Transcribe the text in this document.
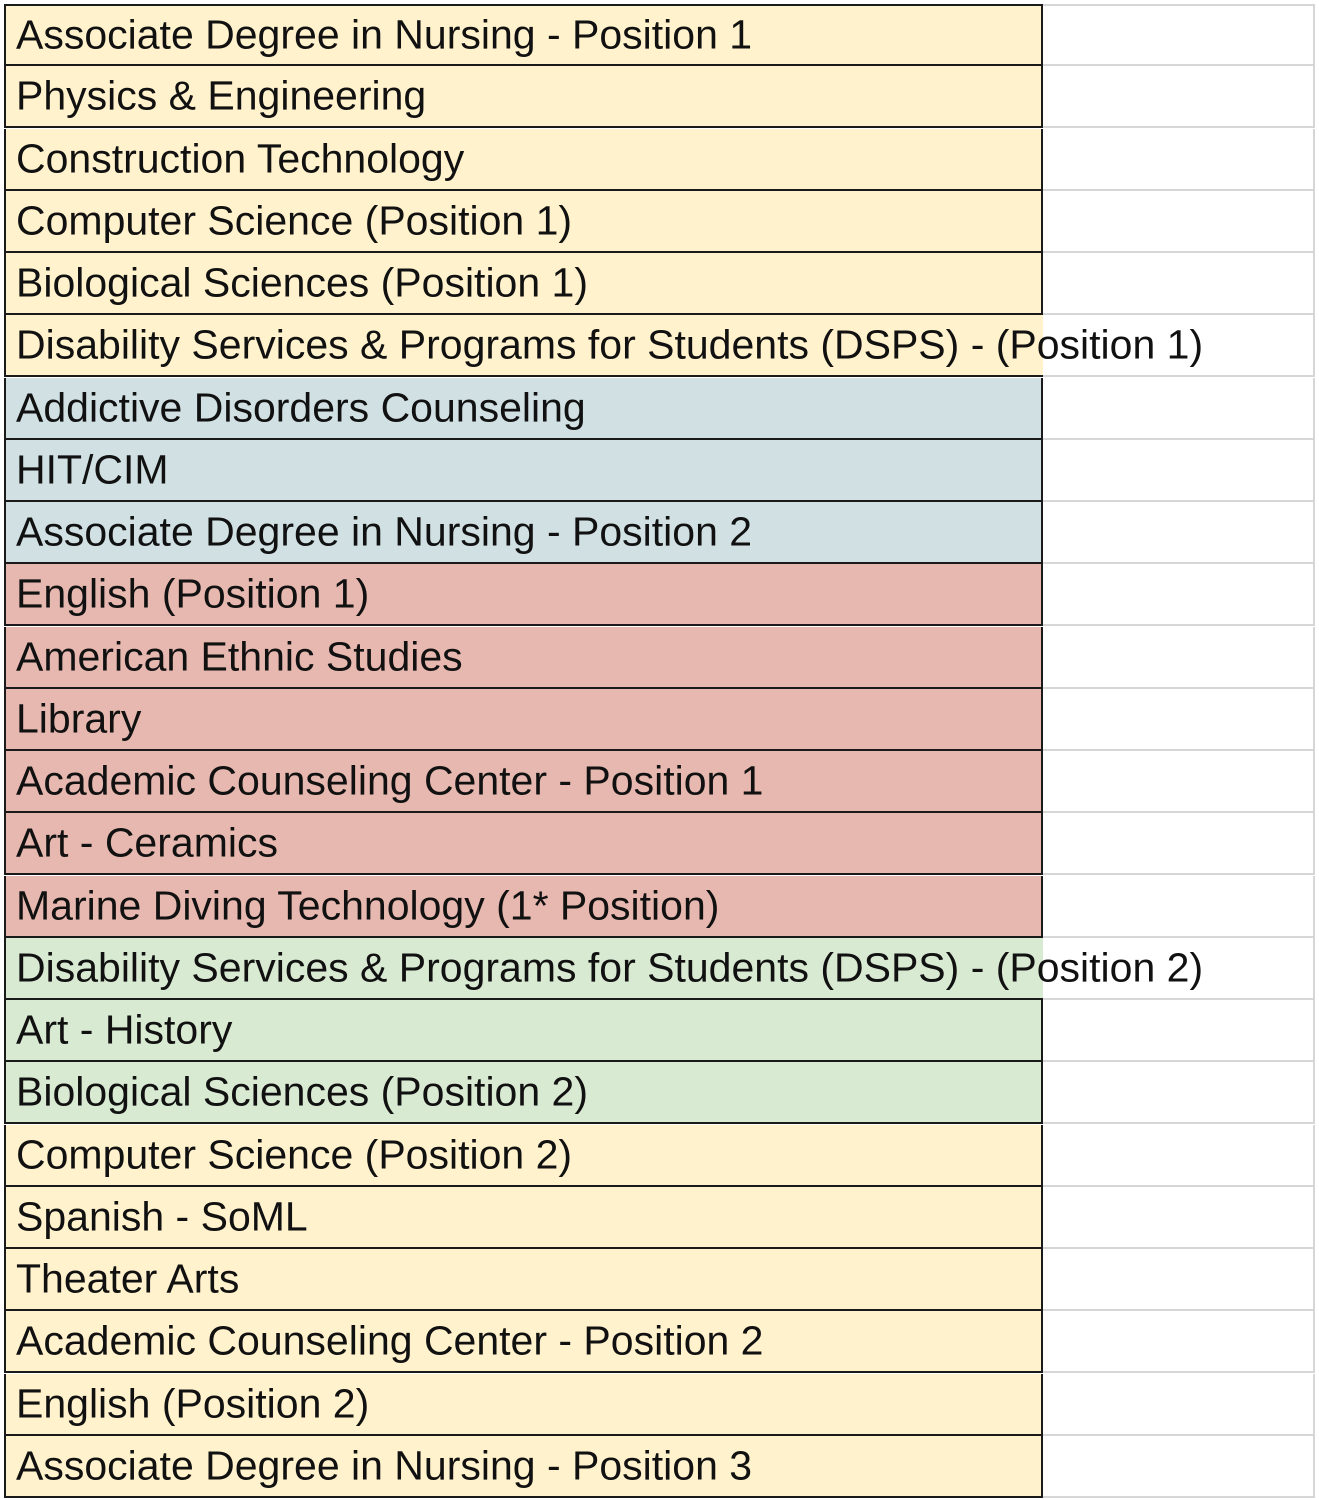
Associate Degree in Nursing - Position 1
Physics & Engineering
Construction Technology
Computer Science (Position 1)
Biological Sciences (Position 1)
Disability Services & Programs for Students (DSPS) - (Position 1)
Addictive Disorders Counseling
HIT/CIM
Associate Degree in Nursing - Position 2
English (Position 1)
American Ethnic Studies
Library
Academic Counseling Center - Position 1
Art - Ceramics
Marine Diving Technology (1* Position)
Disability Services & Programs for Students (DSPS) - (Position 2)
Art - History
Biological Sciences (Position 2)
Computer Science (Position 2)
Spanish - SoML
Theater Arts
Academic Counseling Center - Position 2
English (Position 2)
Associate Degree in Nursing - Position 3
